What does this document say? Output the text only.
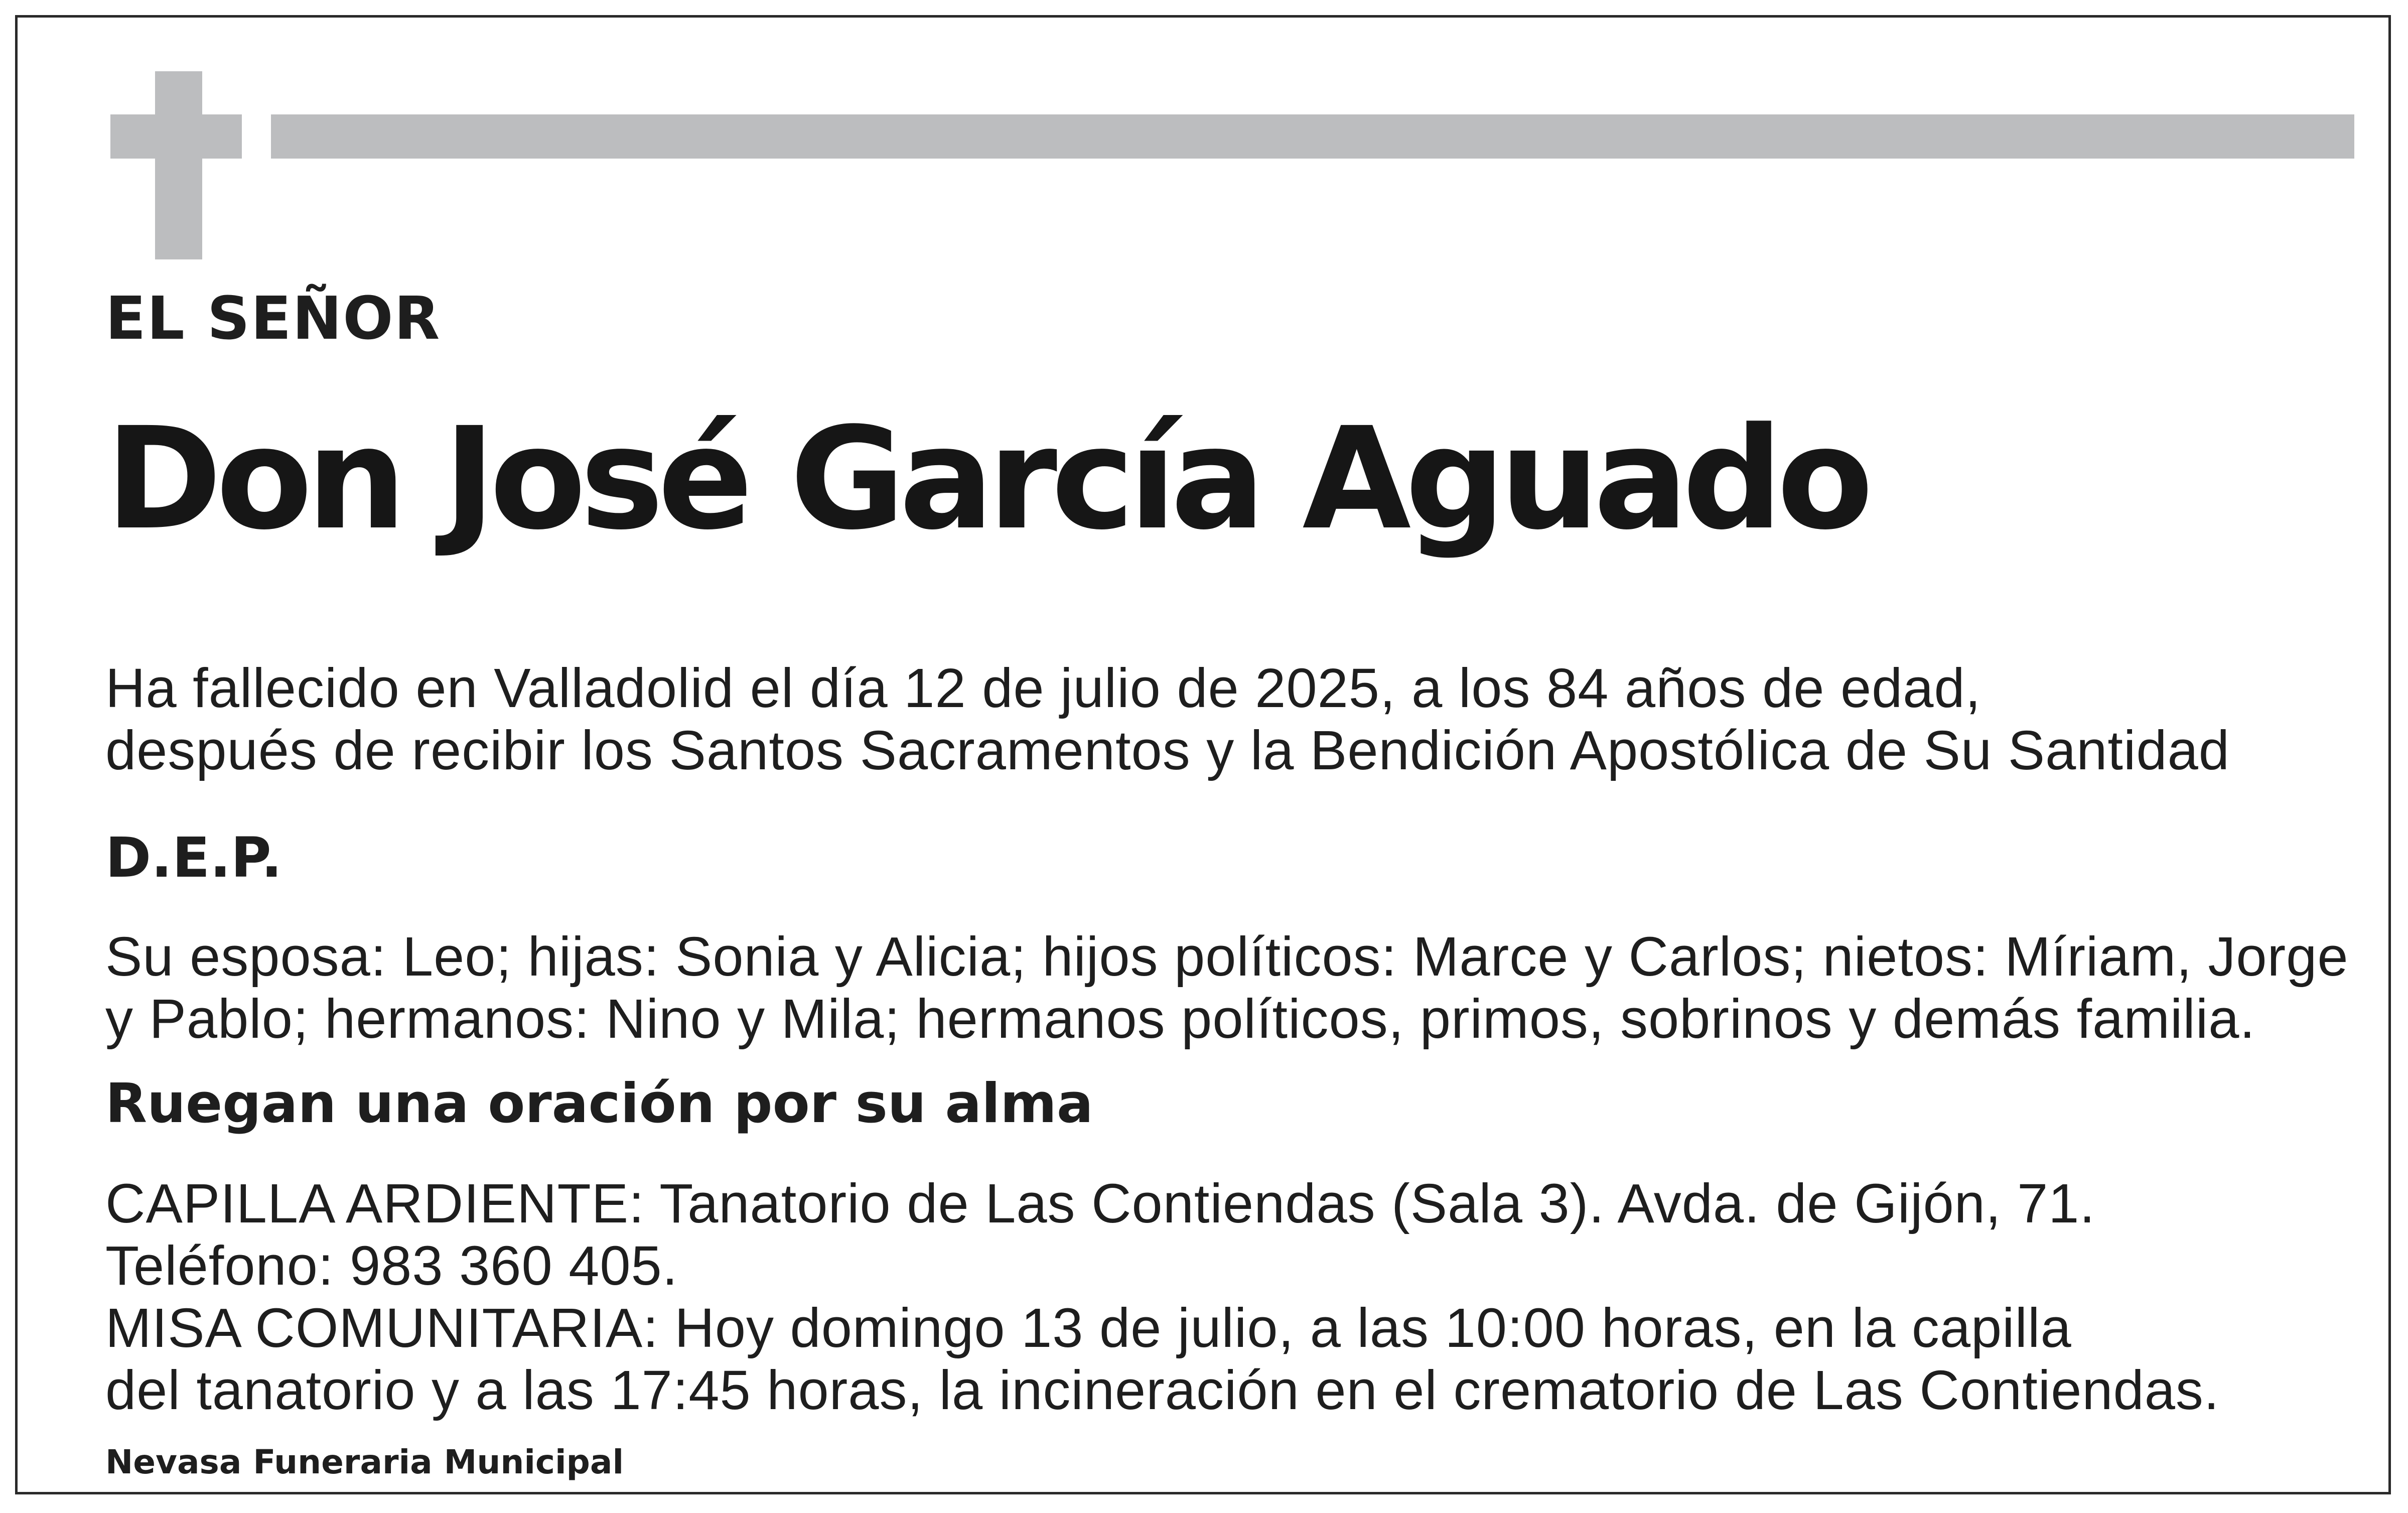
EL SEÑOR
Don José García Aguado
Ha fallecido en Valladolid el día 12 de julio de 2025, a los 84 años de edad,
después de recibir los Santos Sacramentos y la Bendición Apostólica de Su Santidad
D.E.P.
Su esposa: Leo; hijas: Sonia y Alicia; hijos políticos: Marce y Carlos; nietos: Míriam, Jorge
y Pablo; hermanos: Nino y Mila; hermanos políticos, primos, sobrinos y demás familia.
Ruegan una oración por su alma
CAPILLA ARDIENTE: Tanatorio de Las Contiendas (Sala 3). Avda. de Gijón, 71.
Teléfono: 983 360 405.
MISA COMUNITARIA: Hoy domingo 13 de julio, a las 10:00 horas, en la capilla
del tanatorio y a las 17:45 horas, la incineración en el crematorio de Las Contiendas.
Nevasa Funeraria Municipal
